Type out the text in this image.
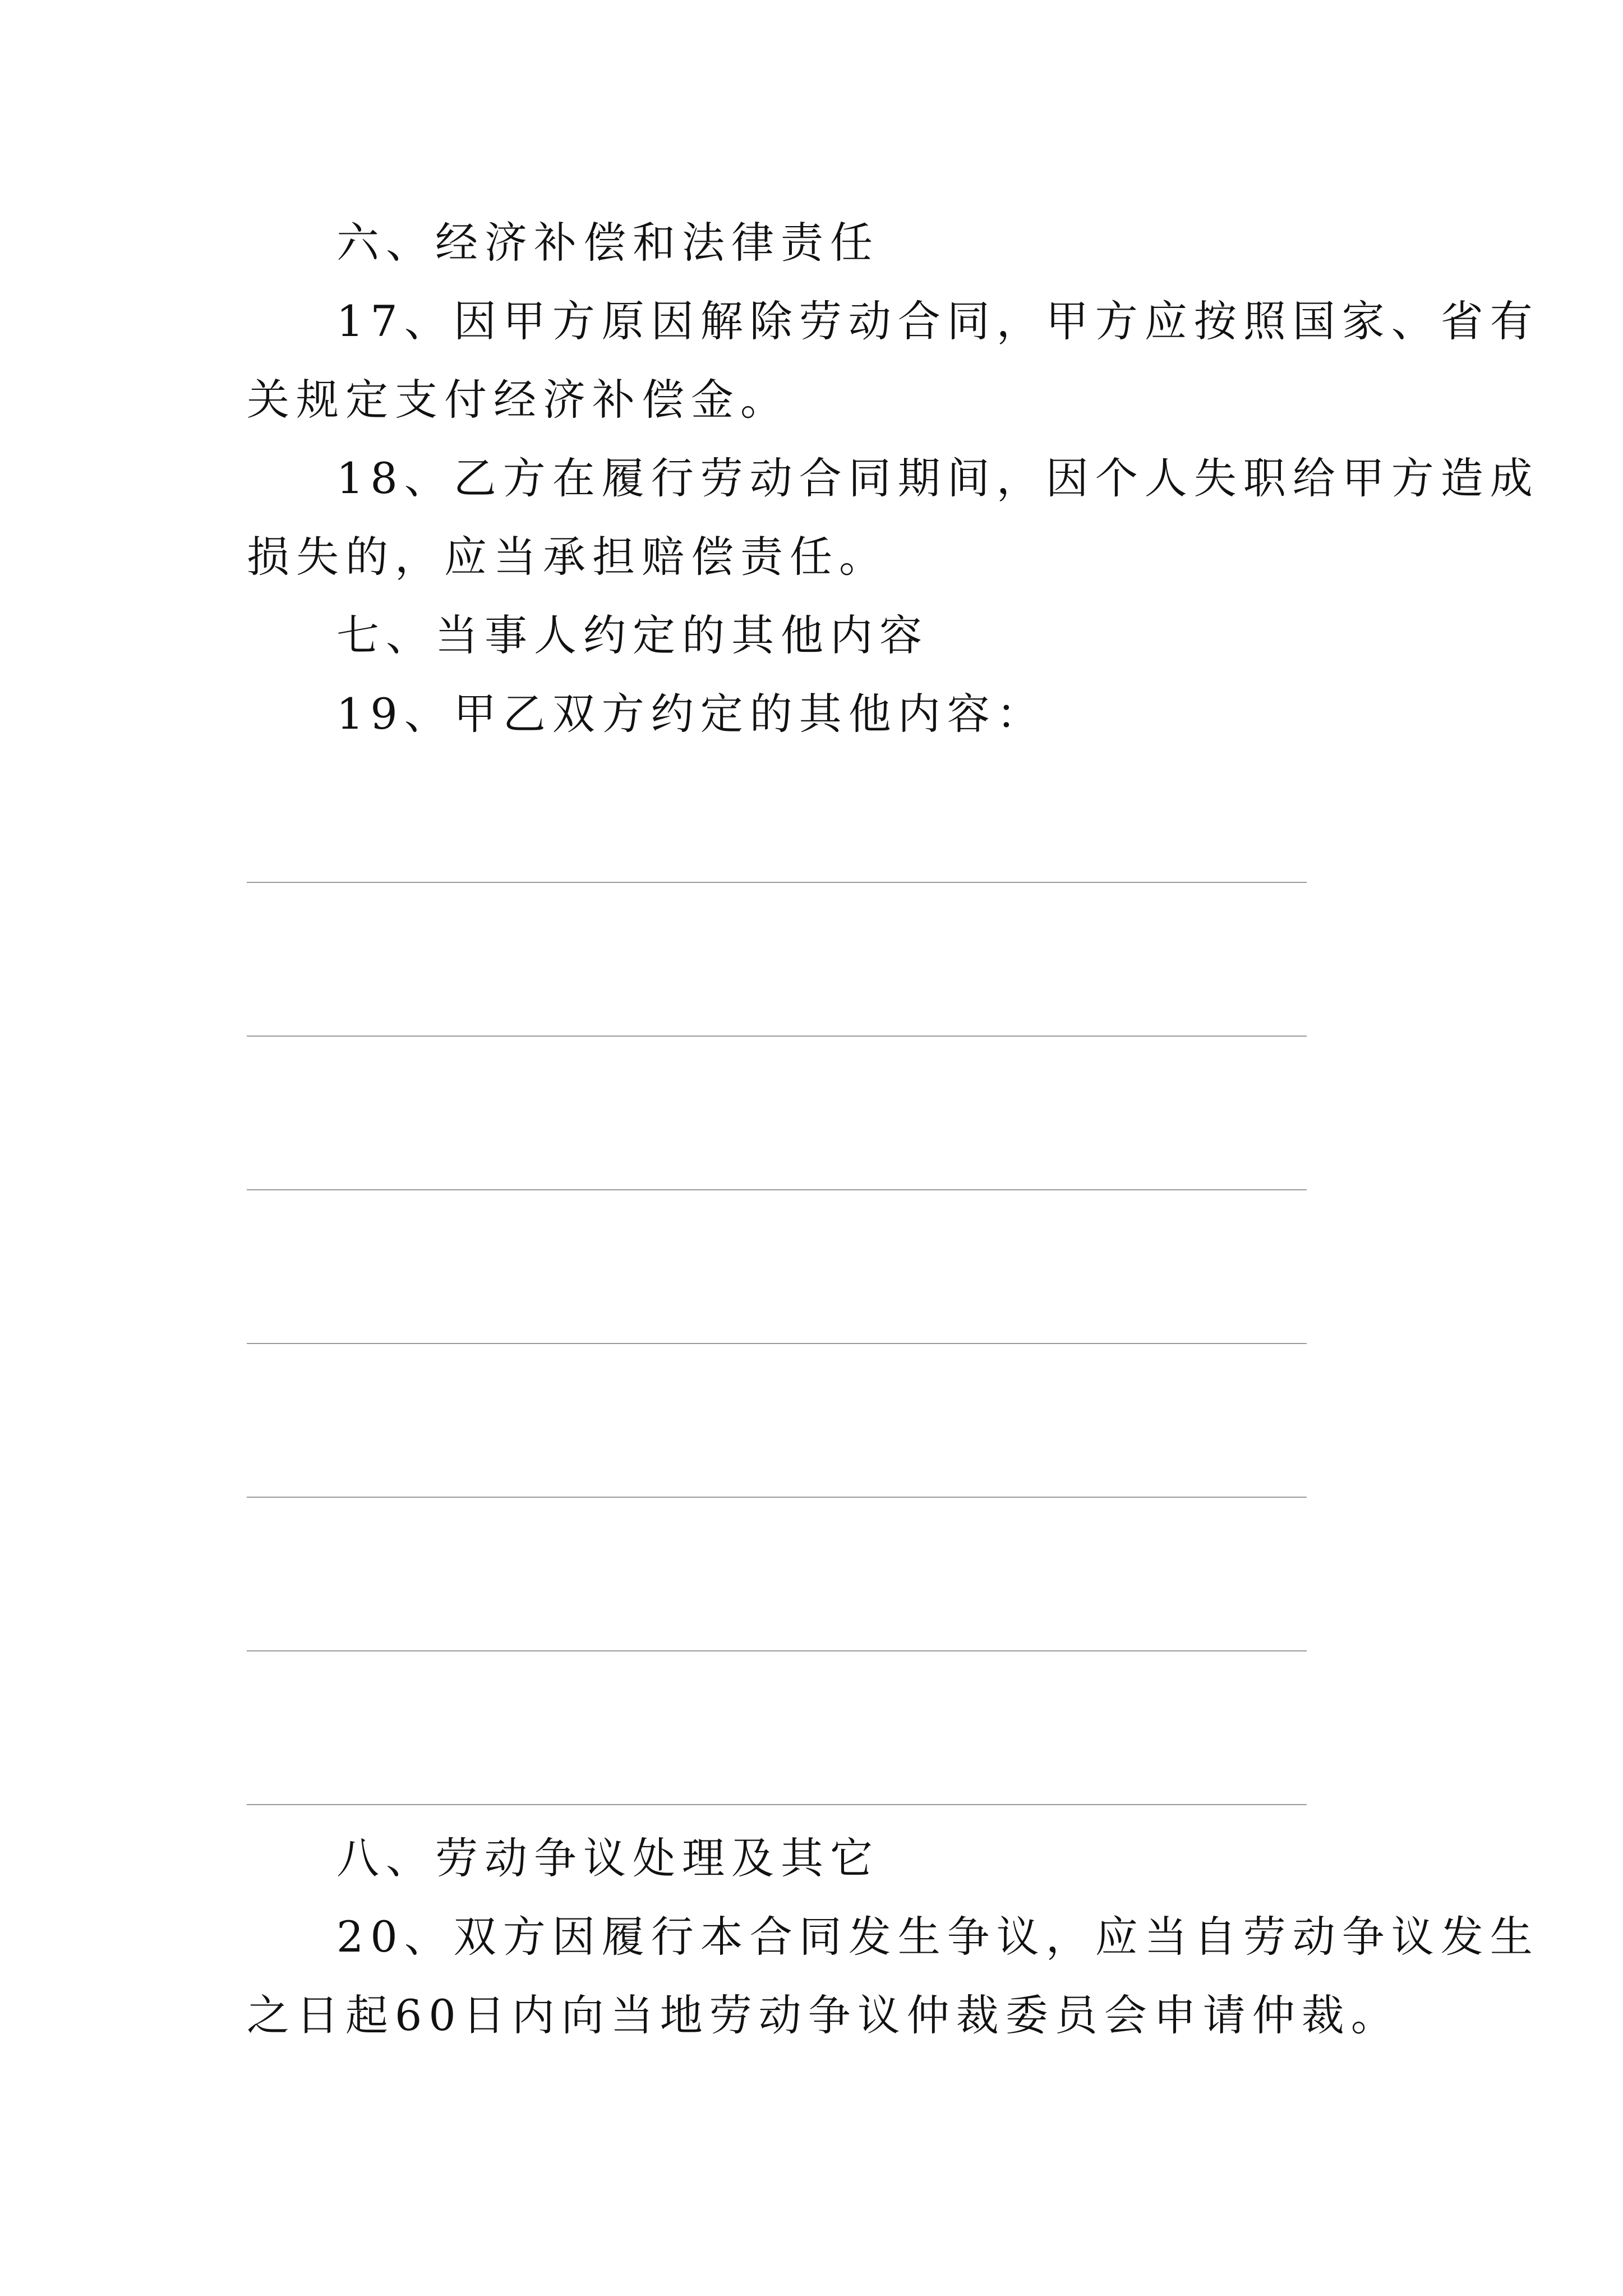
六、经济补偿和法律责任
17、因甲方原因解除劳动合同，甲方应按照国家、省有
关规定支付经济补偿金。
18、乙方在履行劳动合同期间，因个人失职给甲方造成
损失的，应当承担赔偿责任。
七、当事人约定的其他内容
19、甲乙双方约定的其他内容：
八、劳动争议处理及其它
20、双方因履行本合同发生争议，应当自劳动争议发生
之日起60日内向当地劳动争议仲裁委员会申请仲裁。
